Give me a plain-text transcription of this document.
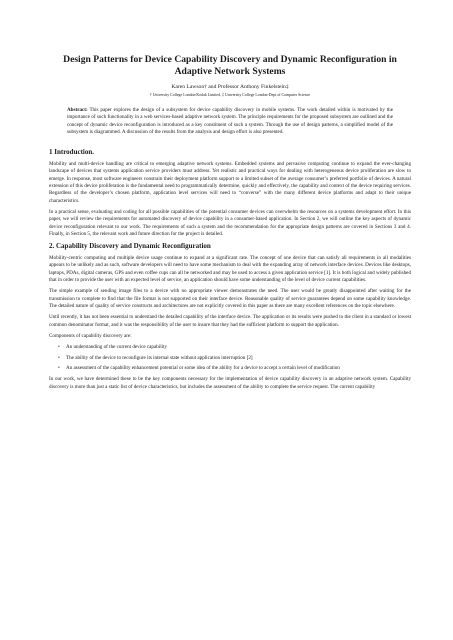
Design Patterns for Device Capability Discovery and Dynamic Reconfiguration in Adaptive Network Systems
Karen Lawson† and Professor Anthony Finkelstein‡
† University College London/Kodak Limited, ‡ University College London-Dept of Computer Science
Abstract: This paper explores the design of a subsystem for device capability discovery in mobile systems. The work detailed within is motivated by the importance of such functionality in a web services-based adaptive network system. The principle requirements for the proposed subsystem are outlined and the concept of dynamic device reconfiguration is introduced as a key constituent of such a system. Through the use of design patterns, a simplified model of the subsystem is diagrammed. A discussion of the results from the analysis and design effort is also presented.
1 Introduction.

Mobility and multi-device handling are critical to emerging adaptive network systems. Embedded systems and pervasive computing continue to expand the ever-changing landscape of devices that systems application service providers must address. Yet realistic and practical ways for dealing with heterogeneous device proliferation are slow to emerge. In response, most software engineers constrain their deployment platform support to a limited subset of the average consumer’s preferred portfolio of devices. A natural extension of this device proliferation is the fundamental need to programmatically determine, quickly and effectively, the capability and context of the device requiring services. Regardless of the developer’s chosen platform, application level services will need to “converse” with the many different device platforms and adapt to their unique characteristics.

In a practical sense, evaluating and coding for all possible capabilities of the potential consumer devices can overwhelm the resources on a systems development effort. In this paper, we will review the requirements for automated discovery of device capability in a consumer-based application. In Section 2, we will outline the key aspects of dynamic device reconfiguration relevant to our work. The requirements of such a system and the recommendation for the appropriate design patterns are covered in Sections 3 and 4. Finally, in Section 5, the relevant work and future direction for the project is detailed.

2. Capability Discovery and Dynamic Reconfiguration

Mobility-centric computing and multiple device usage continue to expand at a significant rate. The concept of one device that can satisfy all requirements in all modalities appears to be unlikely and as such, software developers will need to have some mechanism to deal with the expanding array of network interface devices. Devices like desktops, laptops, PDAs, digital cameras, GPS and even coffee cups can all be networked and may be used to access a given application service [1]. It is both logical and widely published that in order to provide the user with an expected level of service, an application should have some understanding of the level of device current capabilities.

The simple example of sending image files to a device with no appropriate viewer demonstrates the need. The user would be greatly disappointed after waiting for the transmission to complete to find that the file format is not supported on their interface device. Reasonable quality of service guarantees depend on some capability knowledge. The detailed nature of quality of service constructs and architectures are not explicitly covered in this paper as there are many excellent references on the topic elsewhere.

Until recently, it has not been essential to understand the detailed capability of the interface device. The application or its results were pushed to the client in a standard or lowest common denominator format, and it was the responsibility of the user to insure that they had the sufficient platform to support the application.

Components of capability discovery are:

•	An understanding of the current device capability
•	The ability of the device to reconfigure its internal state without application interruption [2]
•	An assessment of the capability enhancement potential or some idea of the ability for a device to accept a certain level of modification

In our work, we have determined these to be the key components necessary for the implementation of device capability discovery in an adaptive network system. Capability discovery is more than just a static list of device characteristics, but includes the assessment of the ability to complete the service request. The current capability
